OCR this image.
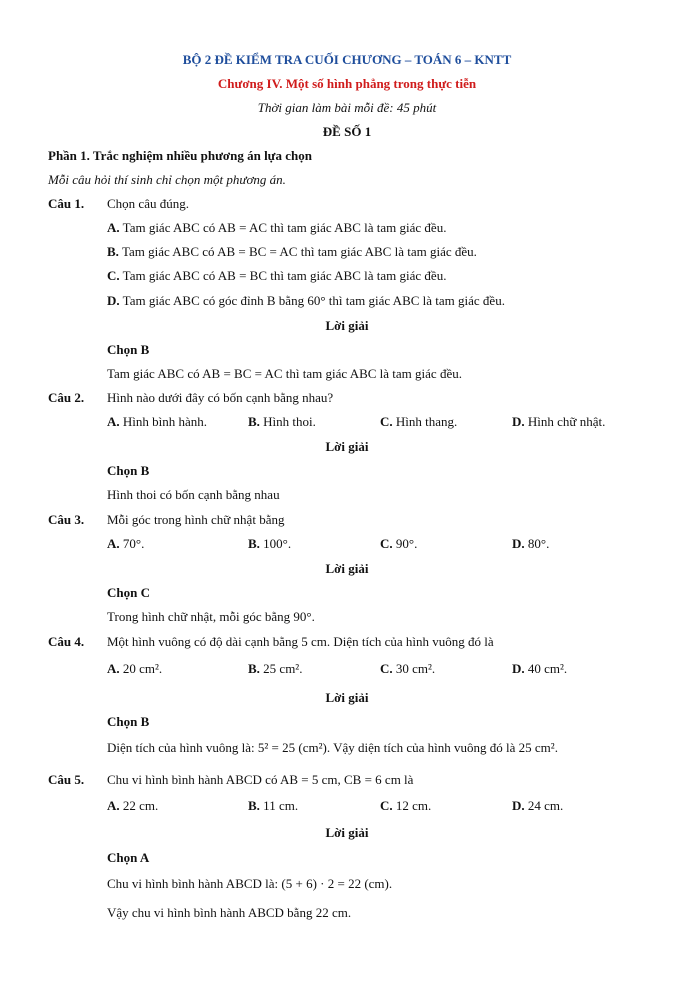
BỘ 2 ĐỀ KIỂM TRA CUỐI CHƯƠNG – TOÁN 6 – KNTT
Chương IV. Một số hình phẳng trong thực tiễn
Thời gian làm bài mỗi đề: 45 phút
ĐỀ SỐ 1
Phần 1. Trắc nghiệm nhiều phương án lựa chọn
Mỗi câu hỏi thí sinh chỉ chọn một phương án.
Câu 1. Chọn câu đúng.
A. Tam giác ABC có AB = AC thì tam giác ABC là tam giác đều.
B. Tam giác ABC có AB = BC = AC thì tam giác ABC là tam giác đều.
C. Tam giác ABC có AB = BC thì tam giác ABC là tam giác đều.
D. Tam giác ABC có góc đỉnh B bằng 60° thì tam giác ABC là tam giác đều.
Lời giải
Chọn B
Tam giác ABC có AB = BC = AC thì tam giác ABC là tam giác đều.
Câu 2. Hình nào dưới đây có bốn cạnh bằng nhau?
A. Hình bình hành.	B. Hình thoi.	C. Hình thang.	D. Hình chữ nhật.
Lời giải
Chọn B
Hình thoi có bốn cạnh bằng nhau
Câu 3. Mỗi góc trong hình chữ nhật bằng
A. 70°.	B. 100°.	C. 90°.	D. 80°.
Lời giải
Chọn C
Trong hình chữ nhật, mỗi góc bằng 90°.
Câu 4. Một hình vuông có độ dài cạnh bằng 5 cm. Diện tích của hình vuông đó là
A. 20 cm².	B. 25 cm².	C. 30 cm².	D. 40 cm².
Lời giải
Chọn B
Diện tích của hình vuông là: 5² = 25 (cm²). Vậy diện tích của hình vuông đó là 25 cm².
Câu 5. Chu vi hình bình hành ABCD có AB = 5 cm, CB = 6 cm là
A. 22 cm.	B. 11 cm.	C. 12 cm.	D. 24 cm.
Lời giải
Chọn A
Chu vi hình bình hành ABCD là: (5 + 6) · 2 = 22 (cm).
Vậy chu vi hình bình hành ABCD bằng 22 cm.
